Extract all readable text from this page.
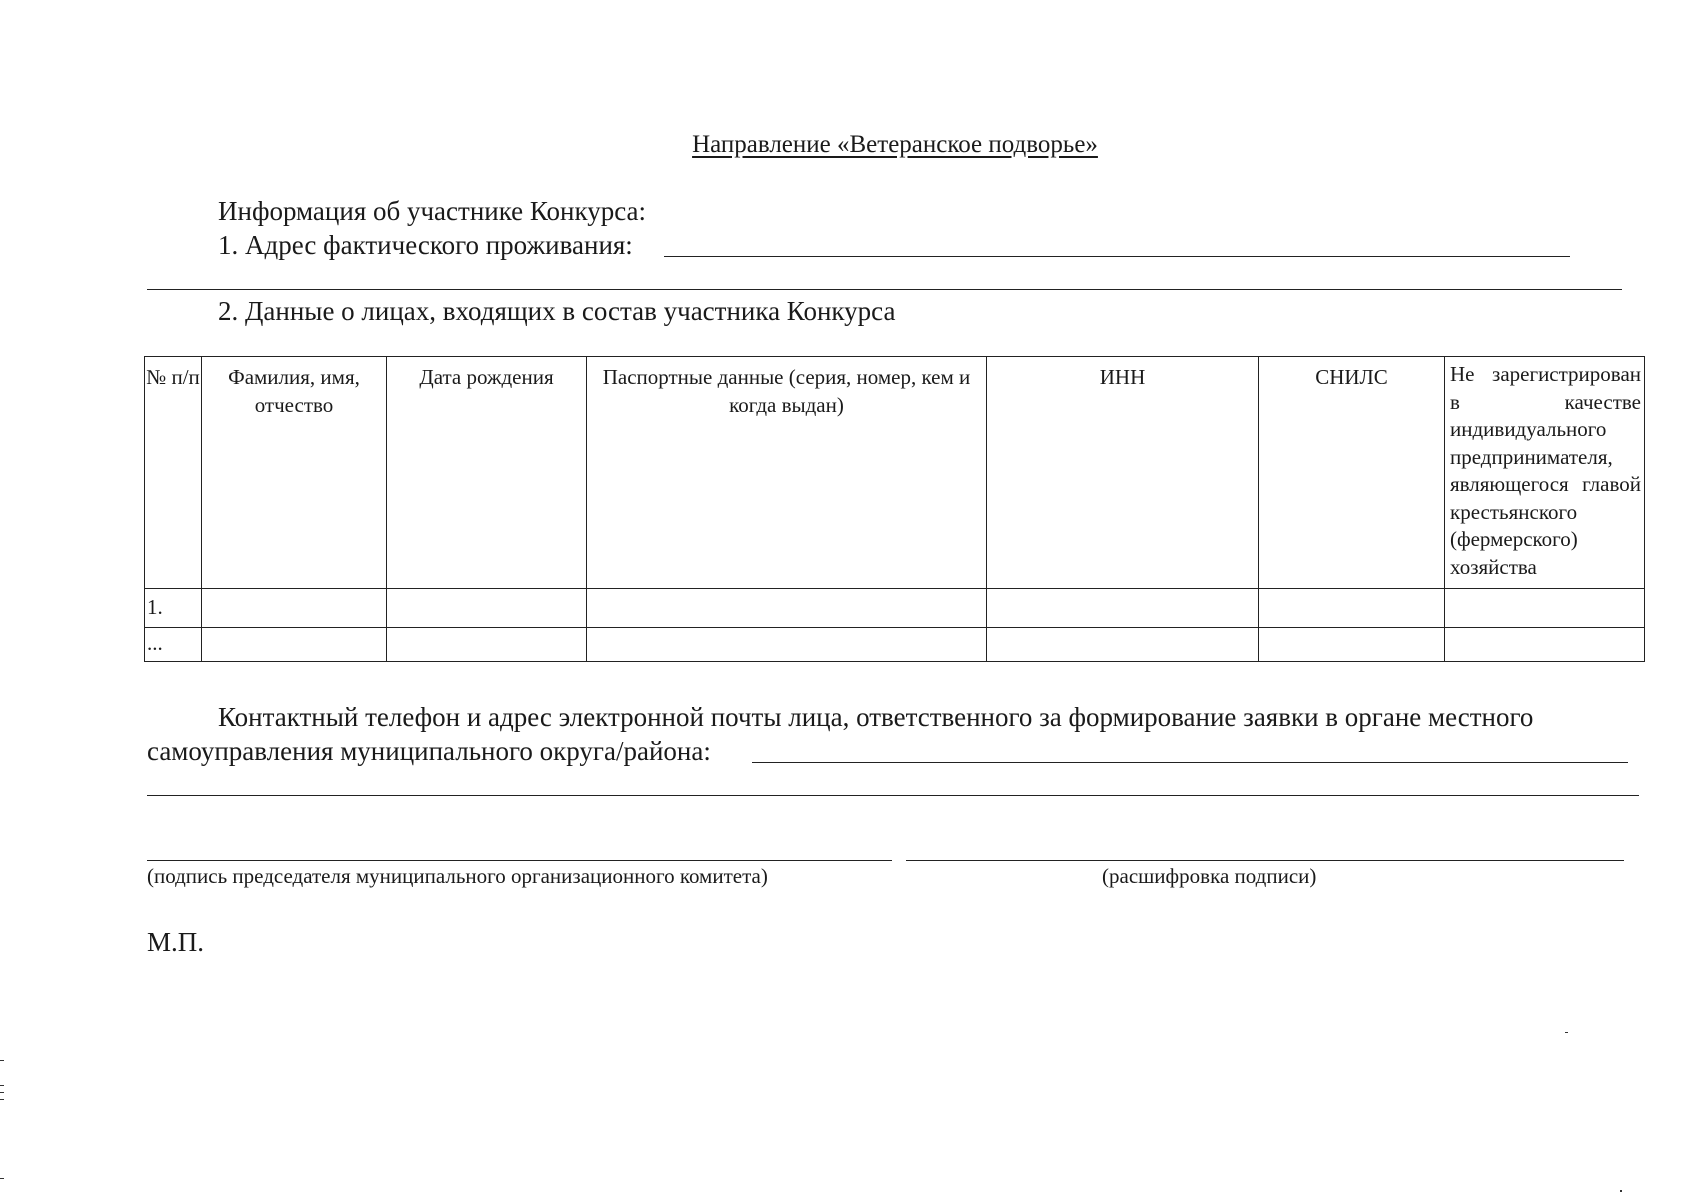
Направление «Ветеранское подворье»
Информация об участнике Конкурса:
1. Адрес фактического проживания:
2. Данные о лицах, входящих в состав участника Конкурса
№ п/п	Фамилия, имя, отчество	Дата рождения	Паспортные данные (серия, номер, кем и когда выдан)	ИНН	СНИЛС	Не зарегистрирован в качестве индивидуального предпринимателя, являющегося главой крестьянского (фермерского) хозяйства
1.						
...						
Контактный телефон и адрес электронной почты лица, ответственного за формирование заявки в органе местного самоуправления муниципального округа/района:
(подпись председателя муниципального организационного комитета)	(расшифровка подписи)
М.П.
